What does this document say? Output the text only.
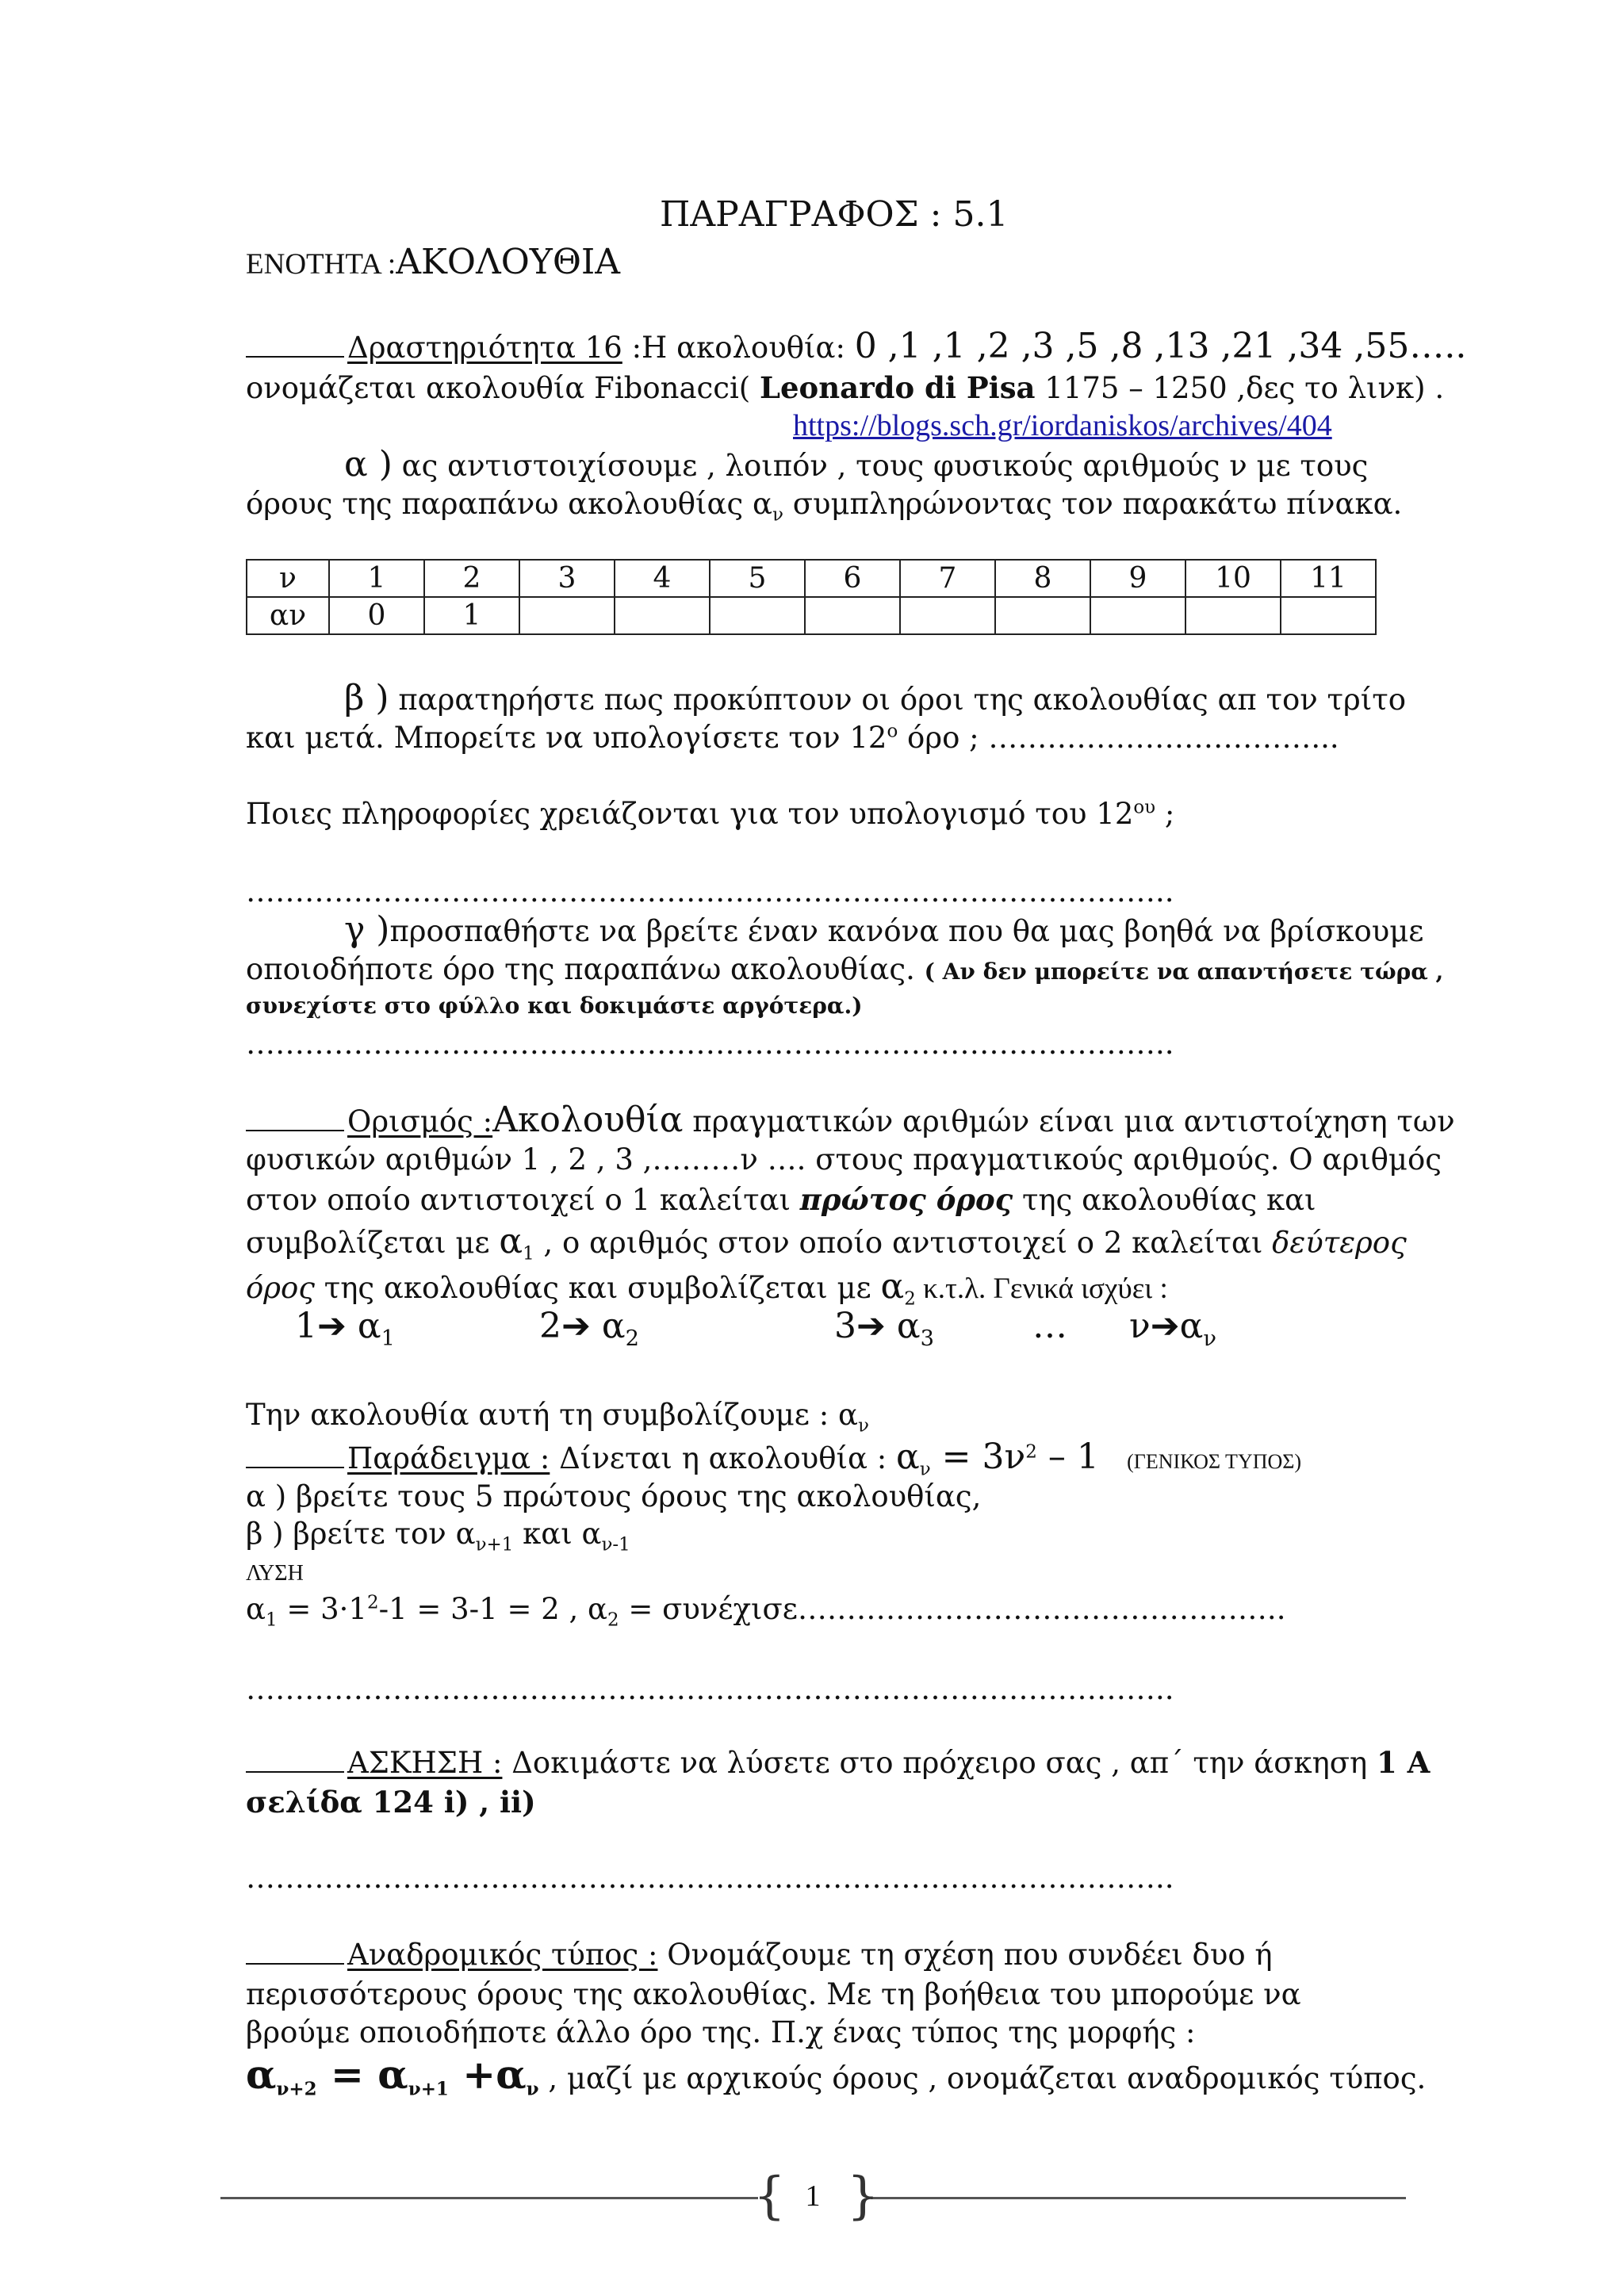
ΠΑΡΑΓΡΑΦΟΣ : 5.1
ΕΝΟΤΗΤΑ :ΑΚΟΛΟΥΘΙΑ
Δραστηριότητα 16 :Η ακολουθία: 0 ,1 ,1 ,2 ,3 ,5 ,8 ,13 ,21 ,34 ,55…..
ονομάζεται ακολουθία Fibonacci( Leonardo di Pisa 1175 – 1250 ,δες το λινκ) .
https://blogs.sch.gr/iordaniskos/archives/404
α ) ας αντιστοιχίσουμε , λοιπόν , τους φυσικούς αριθμούς ν με τους
όρους της παραπάνω ακολουθίας $\alpha_\nu$ συμπληρώνοντας τον παρακάτω πίνακα.
ν	1	2	3	4	5	6	7	8	9	10	11
αν	0	1									
β ) παρατηρήστε πως προκύπτουν οι όροι της ακολουθίας απ τον τρίτο
και μετά. Μπορείτε να υπολογίσετε τον $12^o$ όρο ; ……………………………...
Ποιες πληροφορίες χρειάζονται για τον υπολογισμό του $12^{o\upsilon}$ ;
…………………………………………………………………………………..
γ )προσπαθήστε να βρείτε έναν κανόνα που θα μας βοηθά να βρίσκουμε
οποιοδήποτε όρο της παραπάνω ακολουθίας. ( Αν δεν μπορείτε να απαντήσετε τώρα ,
συνεχίστε στο φύλλο και δοκιμάστε αργότερα.)
…………………………………………………………………………………..
Ορισμός :Ακολουθία πραγματικών αριθμών είναι μια αντιστοίχηση των
φυσικών αριθμών 1 , 2 , 3 ,………ν …. στους πραγματικούς αριθμούς. Ο αριθμός
στον οποίο αντιστοιχεί ο 1 καλείται πρώτος όρος της ακολουθίας και
συμβολίζεται με $\alpha_1$ , ο αριθμός στον οποίο αντιστοιχεί ο 2 καλείται δεύτερος
όρος της ακολουθίας και συμβολίζεται με $\alpha_2$ κ.τ.λ. Γενικά ισχύει :
1➔ $\alpha_1$	2➔ $\alpha_2$	3➔ $\alpha_3$	… $\nu➔\alpha_\nu$
Την ακολουθία αυτή τη συμβολίζουμε : $\alpha_\nu$
Παράδειγμα : Δίνεται η ακολουθία : $\alpha_\nu = 3\nu^2 - 1$ (ΓΕΝΙΚΟΣ ΤΥΠΟΣ)
α ) βρείτε τους 5 πρώτους όρους της ακολουθίας,
β ) βρείτε τον $\alpha_{\nu+1}$ και $\alpha_{\nu-1}$
ΛΥΣΗ
$\alpha_1 = 3\cdot 1^2-1 = 3-1 = 2$ , $\alpha_2$ = συνέχισε…………………………………………..
…………………………………………………………………………………..
ΑΣΚΗΣΗ : Δοκιμάστε να λύσετε στο πρόχειρο σας , απ΄ την άσκηση 1 Α
σελίδα 124 i) , ii)
…………………………………………………………………………………..
Αναδρομικός τύπος : Ονομάζουμε τη σχέση που συνδέει δυο ή
περισσότερους όρους της ακολουθίας. Με τη βοήθεια του μπορούμε να
βρούμε οποιοδήποτε άλλο όρο της. Π.χ ένας τύπος της μορφής :
$\alpha_{\nu+2} = \alpha_{\nu+1} +\alpha_\nu$ , μαζί με αρχικούς όρους , ονομάζεται αναδρομικός τύπος.
{ }
1
